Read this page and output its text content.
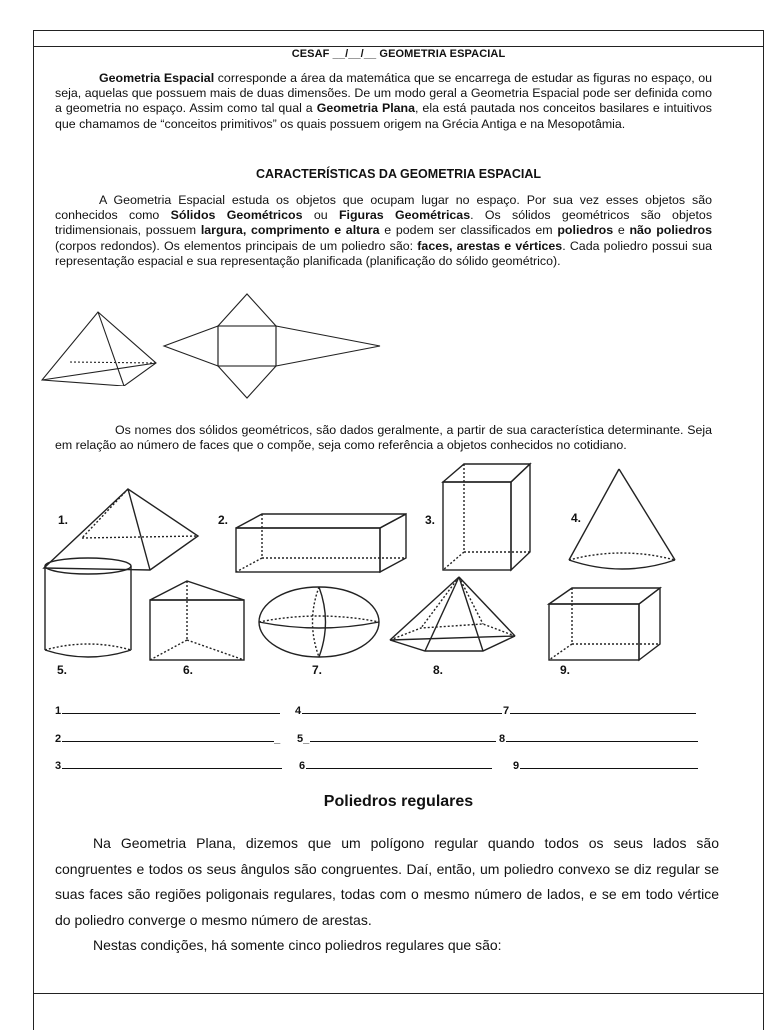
CESAF __/__/__ GEOMETRIA ESPACIAL

Geometria Espacial corresponde a área da matemática que se encarrega de estudar as figuras no espaço, ou seja, aquelas que possuem mais de duas dimensões. De um modo geral a Geometria Espacial pode ser definida como a geometria no espaço. Assim como tal qual a Geometria Plana, ela está pautada nos conceitos basilares e intuitivos que chamamos de “conceitos primitivos” os quais possuem origem na Grécia Antiga e na Mesopotâmia.

CARACTERÍSTICAS DA GEOMETRIA ESPACIAL

A Geometria Espacial estuda os objetos que ocupam lugar no espaço. Por sua vez esses objetos são conhecidos como Sólidos Geométricos ou Figuras Geométricas. Os sólidos geométricos são objetos tridimensionais, possuem largura, comprimento e altura e podem ser classificados em poliedros e não poliedros (corpos redondos). Os elementos principais de um poliedro são: faces, arestas e vértices. Cada poliedro possui sua representação espacial e sua representação planificada (planificação do sólido geométrico).

Os nomes dos sólidos geométricos, são dados geralmente, a partir de sua característica determinante. Seja em relação ao número de faces que o compõe, seja como referência a objetos conhecidos no cotidiano.

1.	2.	3.	4.
5.	6.	7.	8.	9.
1	4	7
2	_ 5_	8
3	6	9
Poliedros regulares

Na Geometria Plana, dizemos que um polígono regular quando todos os seus lados são congruentes e todos os seus ângulos são congruentes. Daí, então, um poliedro convexo se diz regular se suas faces são regiões poligonais regulares, todas com o mesmo número de lados, e se em todo vértice do poliedro converge o mesmo número de arestas.

Nestas condições, há somente cinco poliedros regulares que são:
